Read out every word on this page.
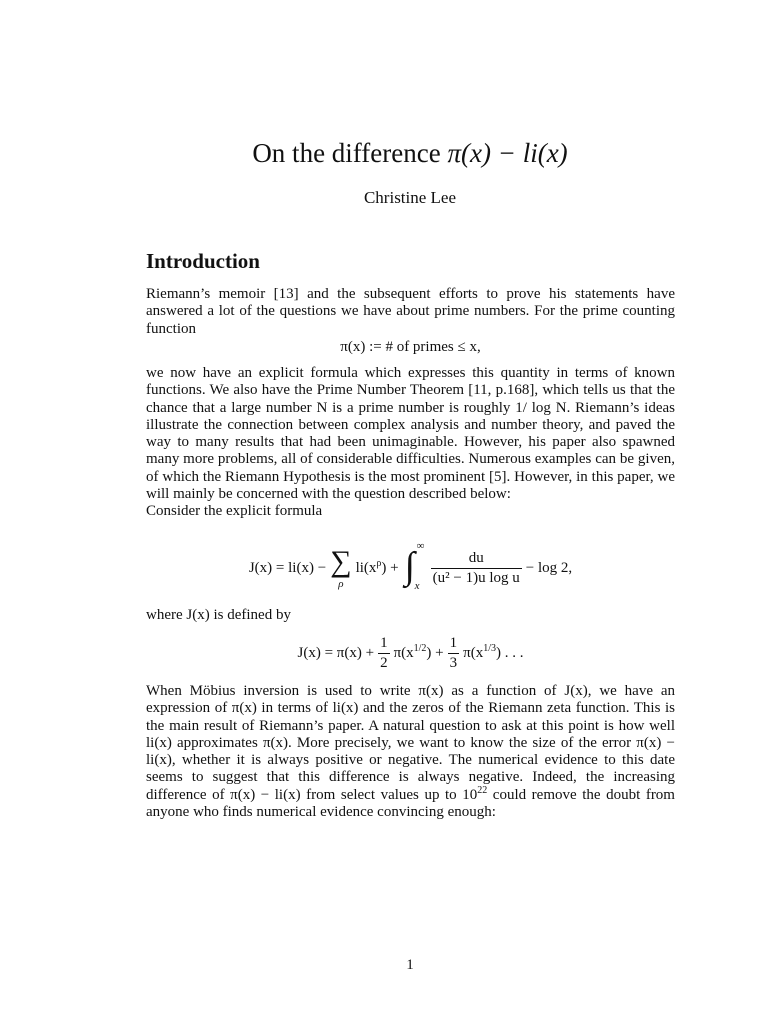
On the difference π(x) − li(x)
Christine Lee
Introduction

Riemann’s memoir [13] and the subsequent efforts to prove his statements have answered a lot of the questions we have about prime numbers. For the prime counting function

π(x) := # of primes ≤ x,

we now have an explicit formula which expresses this quantity in terms of known functions. We also have the Prime Number Theorem [11, p.168], which tells us that the chance that a large number N is a prime number is roughly 1/ log N. Riemann’s ideas illustrate the connection between complex analysis and number theory, and paved the way to many results that had been unimaginable. However, his paper also spawned many more problems, all of considerable difficulties. Numerous examples can be given, of which the Riemann Hypothesis is the most prominent [5]. However, in this paper, we will mainly be concerned with the question described below:

Consider the explicit formula

J(x) = li(x) − ∑
ρ
$li(x^\rho)$ + ∫ ∞
x $\frac{du}{\text{(u² − 1)u log u}} - \log 2$,

where J(x) is defined by

$J(x) = \pi(x) + \frac{1}{2} \pi(x^{1/2}) + \frac{1}{3} \pi(x^{1/3})$ . . .

When Möbius inversion is used to write π(x) as a function of J(x), we have an expression of π(x) in terms of li(x) and the zeros of the Riemann zeta function. This is the main result of Riemann’s paper. A natural question to ask at this point is how well li(x) approximates π(x). More precisely, we want to know the size of the error π(x) − li(x), whether it is always positive or negative. The numerical evidence to this date seems to suggest that this difference is always negative. Indeed, the increasing difference of π(x) − li(x) from select values up to $10^{22}$ could remove the doubt from anyone who finds numerical evidence convincing enough:

1
